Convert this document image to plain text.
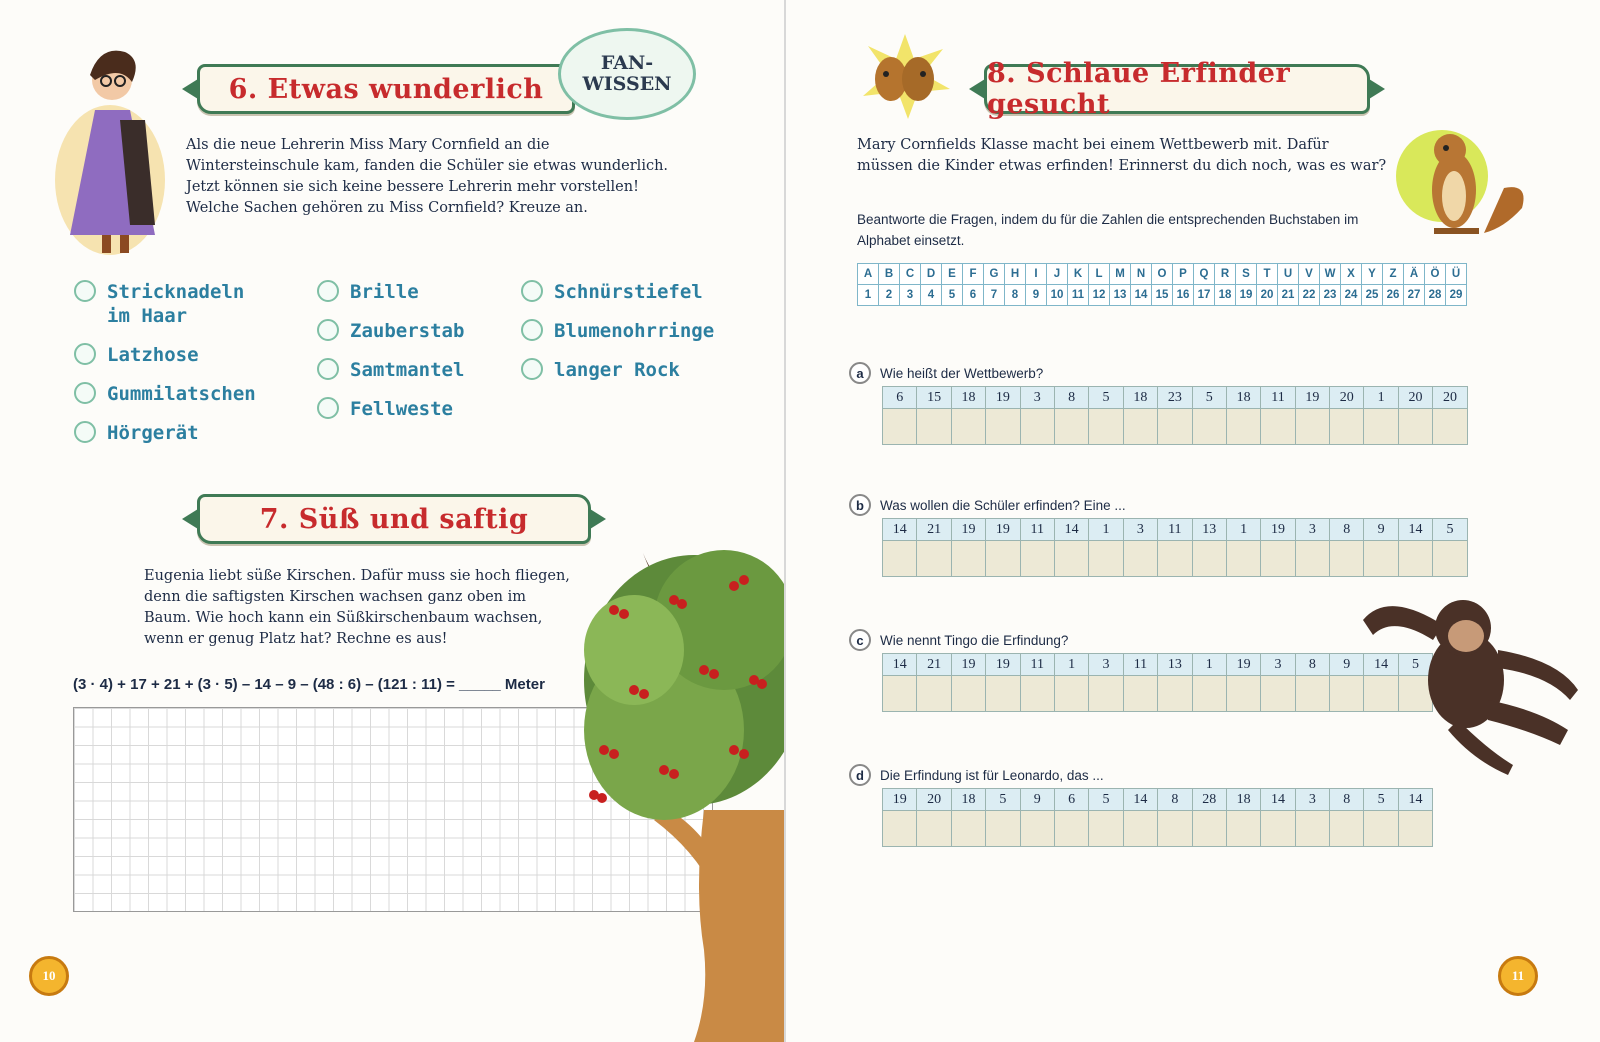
6. Etwas wunderlich
FAN-WISSEN
Als die neue Lehrerin Miss Mary Cornfield an die Wintersteinschule kam, fanden die Schüler sie etwas wunderlich. Jetzt können sie sich keine bessere Lehrerin mehr vorstellen! Welche Sachen gehören zu Miss Cornfield? Kreuze an.
Stricknadeln im Haar
Latzhose
Gummilatschen
Hörgerät
Brille
Zauberstab
Samtmantel
Fellweste
Schnürstiefel
Blumenohrringe
langer Rock
7. Süß und saftig
Eugenia liebt süße Kirschen. Dafür muss sie hoch fliegen, denn die saftigsten Kirschen wachsen ganz oben im Baum. Wie hoch kann ein Süßkirschenbaum wachsen, wenn er genug Platz hat? Rechne es aus!
(3 · 4) + 17 + 21 + (3 · 5) – 14 – 9 – (48 : 6) – (121 : 11) = _____ Meter
10
8. Schlaue Erfinder gesucht
Mary Cornfields Klasse macht bei einem Wettbewerb mit. Dafür müssen die Kinder etwas erfinden! Erinnerst du dich noch, was es war?
Beantworte die Fragen, indem du für die Zahlen die entsprechenden Buchstaben im Alphabet einsetzt.
A	B	C	D	E	F	G	H	I	J	K	L	M	N	O	P	Q	R	S	T	U	V	W	X	Y	Z	Ä	Ö	Ü
1	2	3	4	5	6	7	8	9	10	11	12	13	14	15	16	17	18	19	20	21	22	23	24	25	26	27	28	29
a	Wie heißt der Wettbewerb?
6	15	18	19	3	8	5	18	23	5	18	11	19	20	1	20	20

b	Was wollen die Schüler erfinden? Eine ...
14	21	19	19	11	14	1	3	11	13	1	19	3	8	9	14	5

c	Wie nennt Tingo die Erfindung?
14	21	19	19	11	1	3	11	13	1	19	3	8	9	14	5

d	Die Erfindung ist für Leonardo, das ...
19	20	18	5	9	6	5	14	8	28	18	14	3	8	5	14

11
